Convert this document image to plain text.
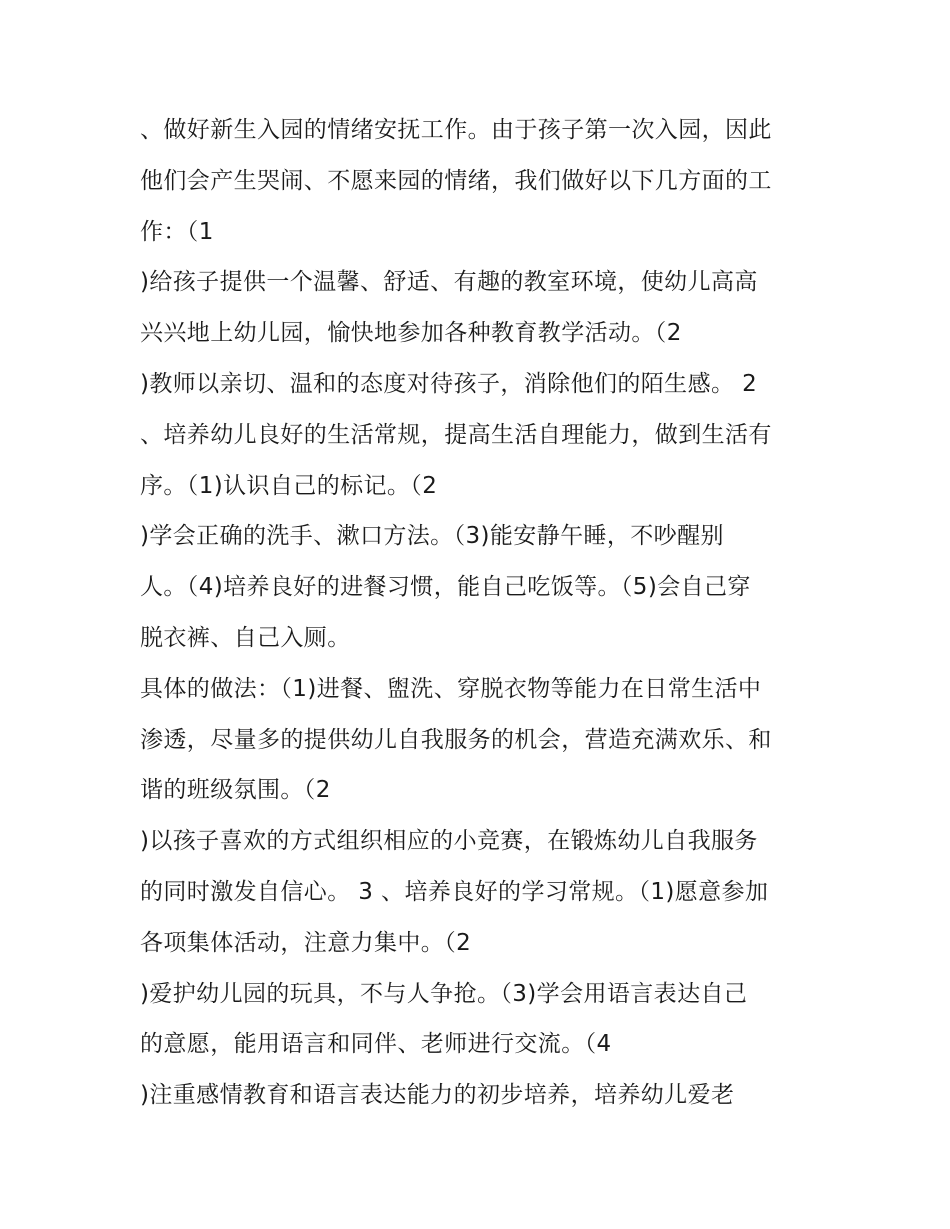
、做好新生入园的情绪安抚工作。由于孩子第一次入园，因此
他们会产生哭闹、不愿来园的情绪，我们做好以下几方面的工
作：（1
)给孩子提供一个温馨、舒适、有趣的教室环境，使幼儿高高
兴兴地上幼儿园，愉快地参加各种教育教学活动。（2
)教师以亲切、温和的态度对待孩子，消除他们的陌生感。 2
、培养幼儿良好的生活常规，提高生活自理能力，做到生活有
序。（1)认识自己的标记。（2
)学会正确的洗手、漱口方法。（3)能安静午睡，不吵醒别
人。（4)培养良好的进餐习惯，能自己吃饭等。（5)会自己穿
脱衣裤、自己入厕。
具体的做法：（1)进餐、盥洗、穿脱衣物等能力在日常生活中
渗透，尽量多的提供幼儿自我服务的机会，营造充满欢乐、和
谐的班级氛围。（2
)以孩子喜欢的方式组织相应的小竞赛，在锻炼幼儿自我服务
的同时激发自信心。 3 、培养良好的学习常规。（1)愿意参加
各项集体活动，注意力集中。（2
)爱护幼儿园的玩具，不与人争抢。（3)学会用语言表达自己
的意愿，能用语言和同伴、老师进行交流。（4
)注重感情教育和语言表达能力的初步培养，培养幼儿爱老
